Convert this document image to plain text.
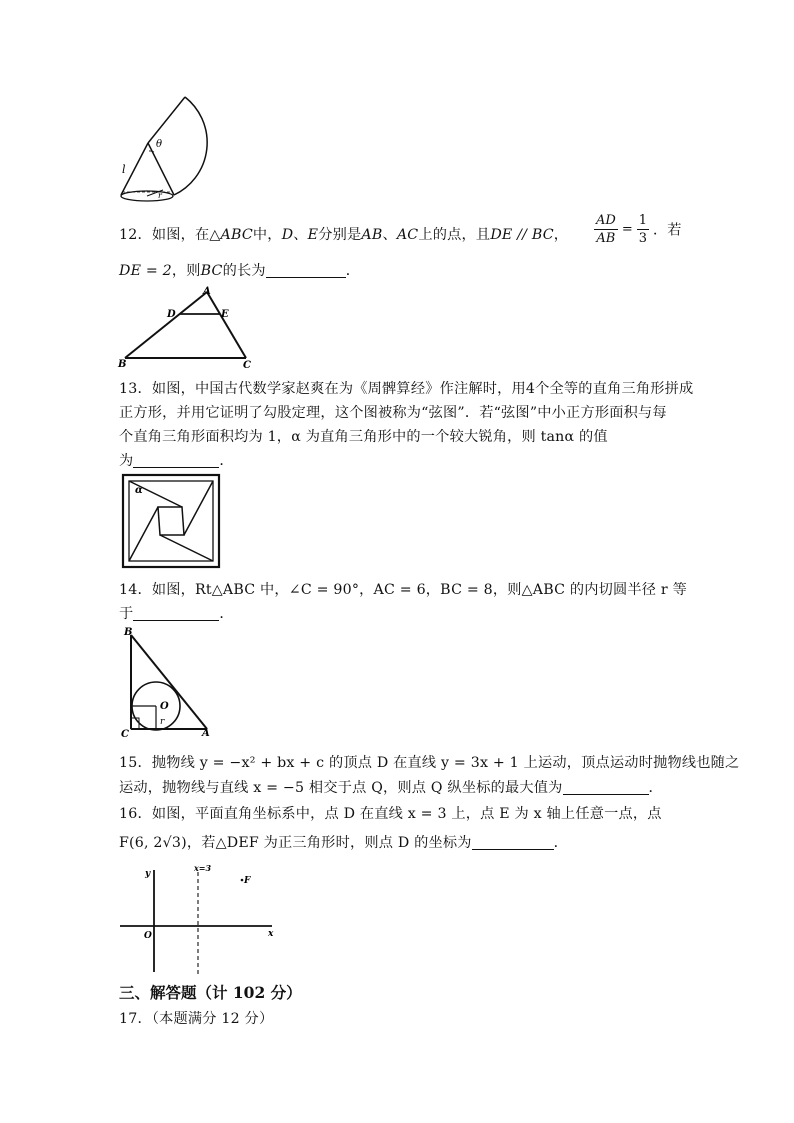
θ
l
r
12．如图，在△ABC中，D、E分别是AB、AC上的点，且DE // BC， $\frac{AD}{AB} = \frac{1}{3}$ ．若
DE = 2，则BC的长为	．
A
D	E
B	C
13．如图，中国古代数学家赵爽在为《周髀算经》作注解时，用4个全等的直角三角形拼成
正方形，并用它证明了勾股定理，这个图被称为“弦图”．若“弦图”中小正方形面积与每
个直角三角形面积均为 1，α 为直角三角形中的一个较大锐角，则 tanα 的值
为	．
α
14．如图，Rt△ABC 中，∠C = 90°，AC = 6，BC = 8，则△ABC 的内切圆半径 r 等
于	．
B
O
r
C	A
15．抛物线 y = −x² + bx + c 的顶点 D 在直线 y = 3x + 1 上运动，顶点运动时抛物线也随之
运动，抛物线与直线 x = −5 相交于点 Q，则点 Q 纵坐标的最大值为	．
16．如图，平面直角坐标系中，点 D 在直线 x = 3 上，点 E 为 x 轴上任意一点，点
F(6, 2√3)，若△DEF 为正三角形时，则点 D 的坐标为	．
y
x=3
F
O	x
三、解答题（计 102 分）
17．（本题满分 12 分）
